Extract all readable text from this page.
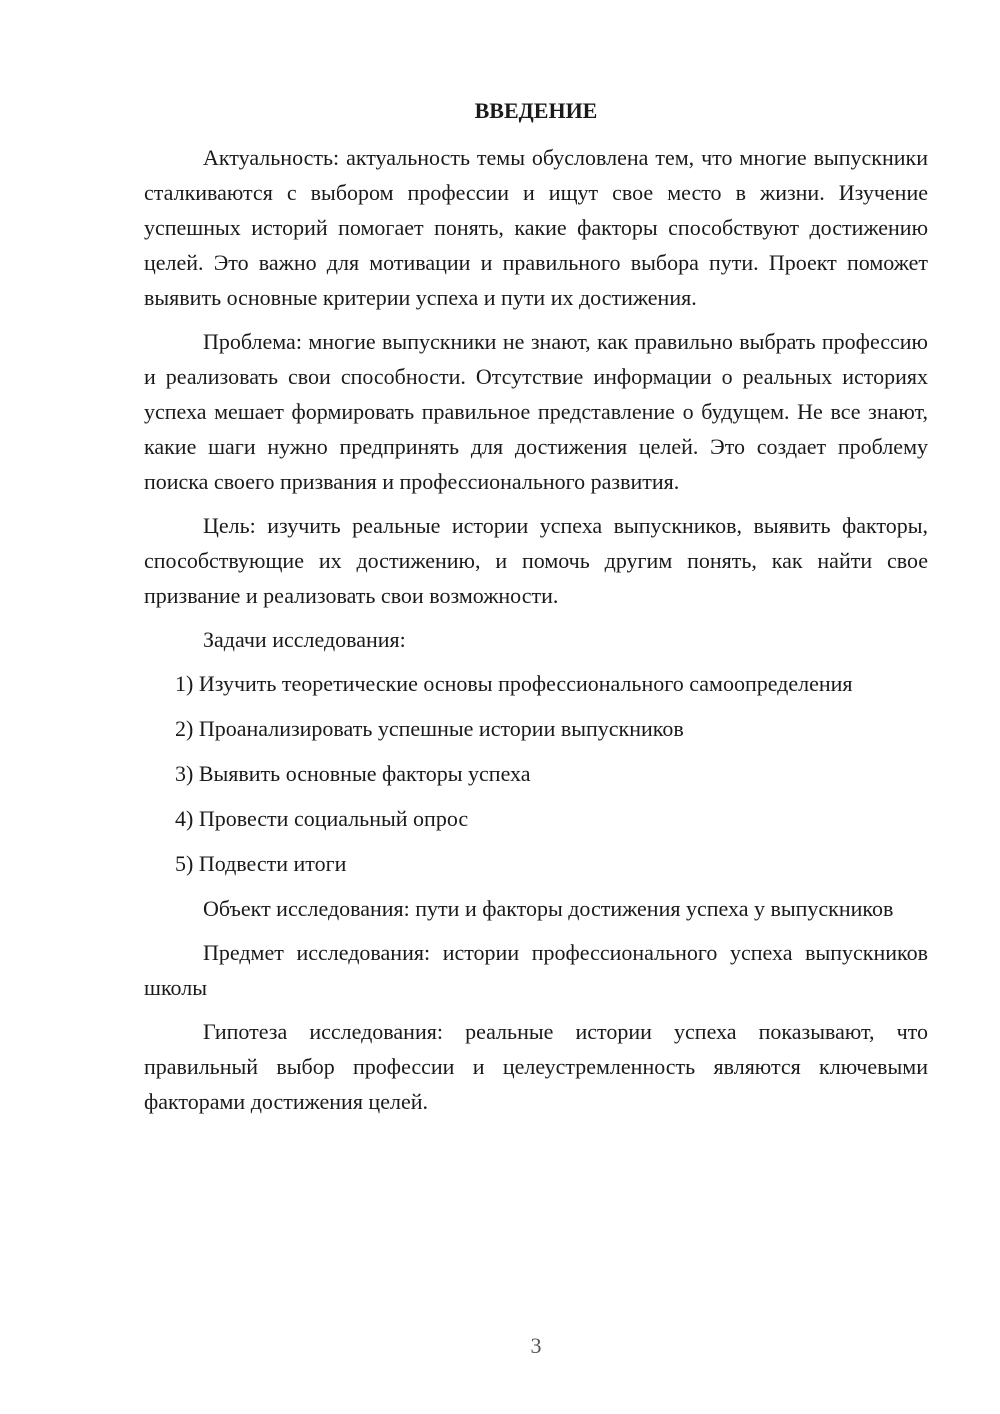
ВВЕДЕНИЕ

Актуальность: актуальность темы обусловлена тем, что многие выпускники сталкиваются с выбором профессии и ищут свое место в жизни. Изучение успешных историй помогает понять, какие факторы способствуют достижению целей. Это важно для мотивации и правильного выбора пути. Проект поможет выявить основные критерии успеха и пути их достижения.

Проблема: многие выпускники не знают, как правильно выбрать профессию и реализовать свои способности. Отсутствие информации о реальных историях успеха мешает формировать правильное представление о будущем. Не все знают, какие шаги нужно предпринять для достижения целей. Это создает проблему поиска своего призвания и профессионального развития.

Цель: изучить реальные истории успеха выпускников, выявить факторы, способствующие их достижению, и помочь другим понять, как найти свое призвание и реализовать свои возможности.

Задачи исследования:

1) Изучить теоретические основы профессионального самоопределения

2) Проанализировать успешные истории выпускников

3) Выявить основные факторы успеха

4) Провести социальный опрос

5) Подвести итоги

Объект исследования: пути и факторы достижения успеха у выпускников

Предмет исследования: истории профессионального успеха выпускников школы

Гипотеза исследования: реальные истории успеха показывают, что правильный выбор профессии и целеустремленность являются ключевыми факторами достижения целей.

3
